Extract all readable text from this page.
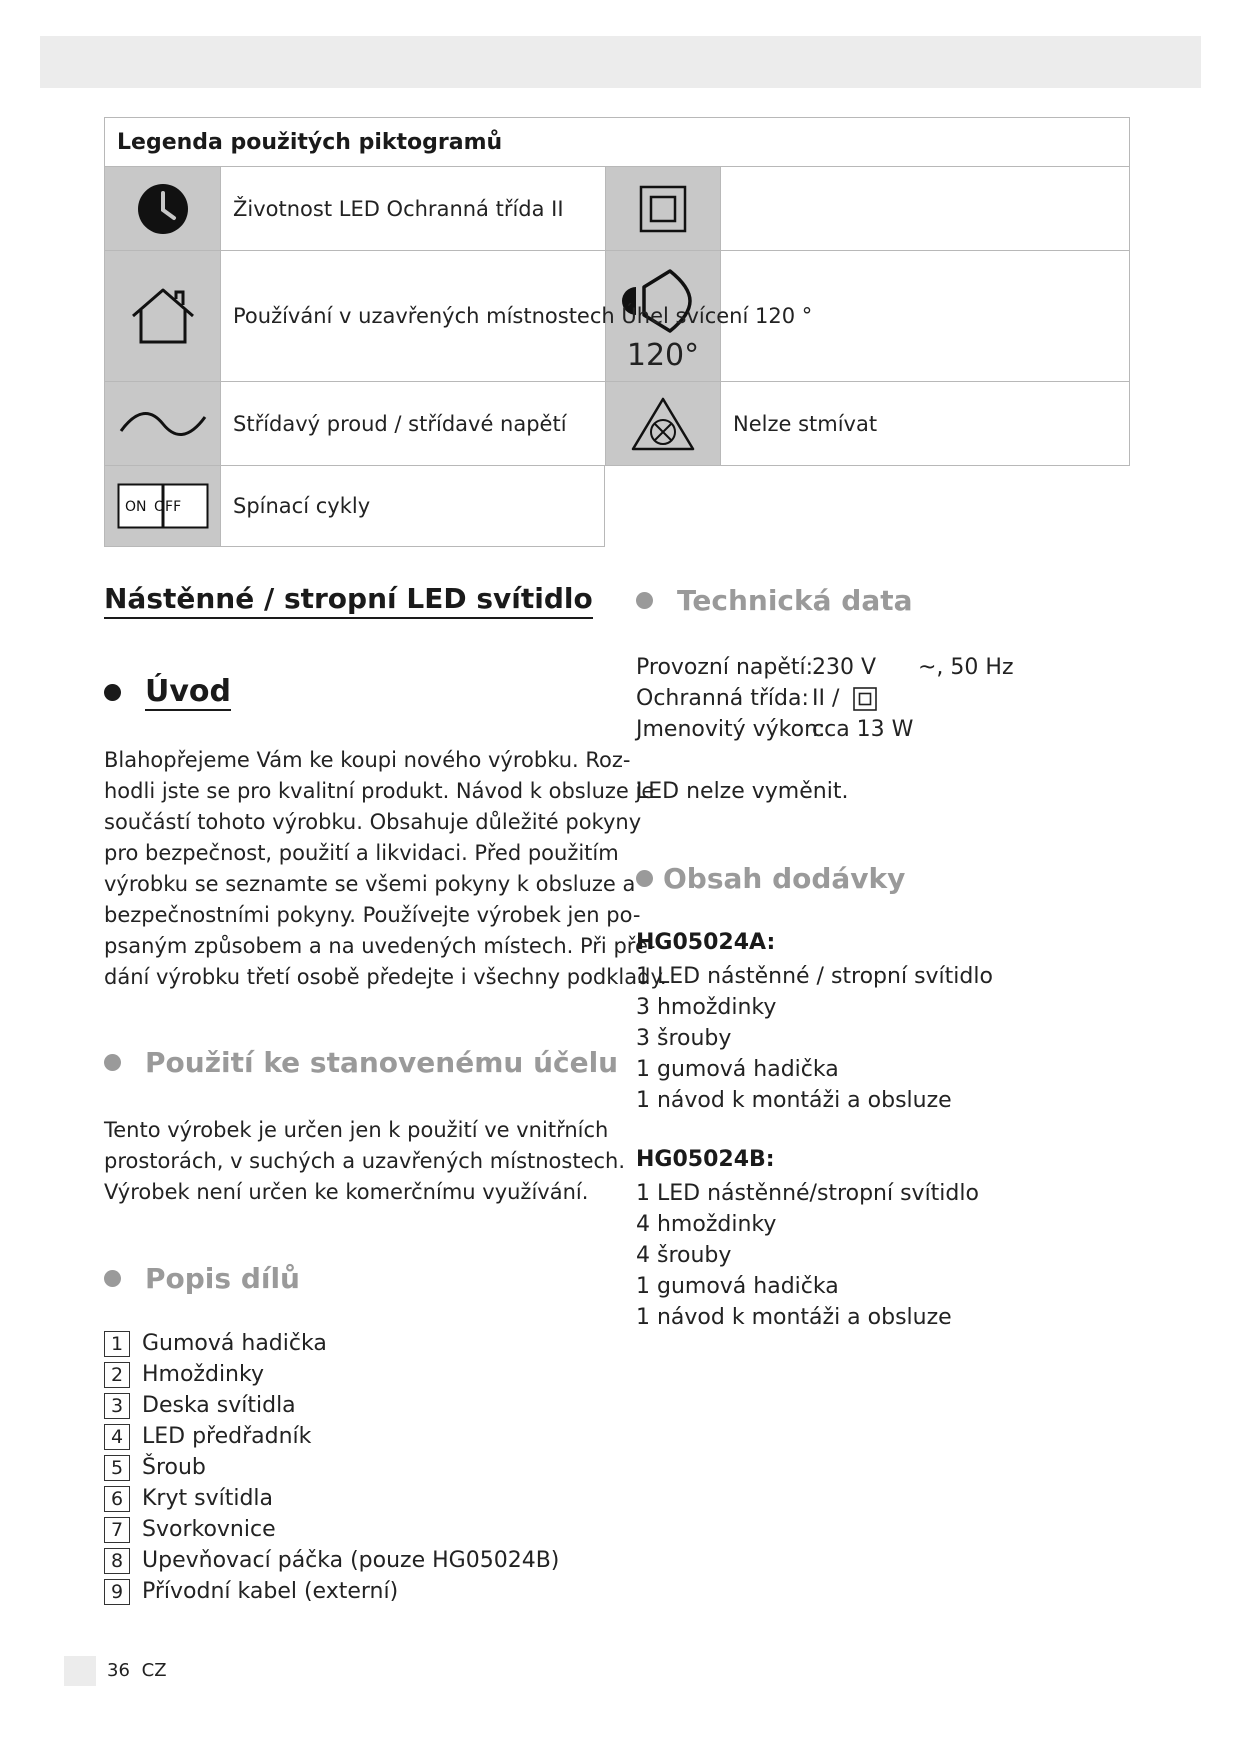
Legenda použitých piktogramů
Životnost LED Ochranná třída II
120°
Používání v uzavřených místnostech Úhel svícení 120 °
Střídavý proud / střídavé napětí	Nelze stmívat
ON OFF Spínací cykly
Nástěnné / stropní LED svítidlo
Úvod
Blahopřejeme Vám ke koupi nového výrobku. Roz-
hodli jste se pro kvalitní produkt. Návod k obsluze je
součástí tohoto výrobku. Obsahuje důležité pokyny
pro bezpečnost, použití a likvidaci. Před použitím
výrobku se seznamte se všemi pokyny k obsluze a
bezpečnostními pokyny. Používejte výrobek jen po-
psaným způsobem a na uvedených místech. Při pře-
dání výrobku třetí osobě předejte i všechny podklady.
Použití ke stanovenému účelu
Tento výrobek je určen jen k použití ve vnitřních
prostorách, v suchých a uzavřených místnostech.
Výrobek není určen ke komerčnímu využívání.
Popis dílů
1 Gumová hadička
2 Hmoždinky
3 Deska svítidla
4 LED předřadník
5 Šroub
6 Kryt svítidla
7 Svorkovnice
8 Upevňovací páčka (pouze HG05024B)
9 Přívodní kabel (externí)
Technická data
Provozní napětí:
230 V      ~, 50 Hz
Ochranná třída: II /
Jmenovitý výkon:
cca 13 W
LED nelze vyměnit.
Obsah dodávky
HG05024A:
1 LED nástěnné / stropní svítidlo
3 hmoždinky
3 šrouby
1 gumová hadička
1 návod k montáži a obsluze
HG05024B:
1 LED nástěnné/stropní svítidlo
4 hmoždinky
4 šrouby
1 gumová hadička
1 návod k montáži a obsluze
36 CZ
